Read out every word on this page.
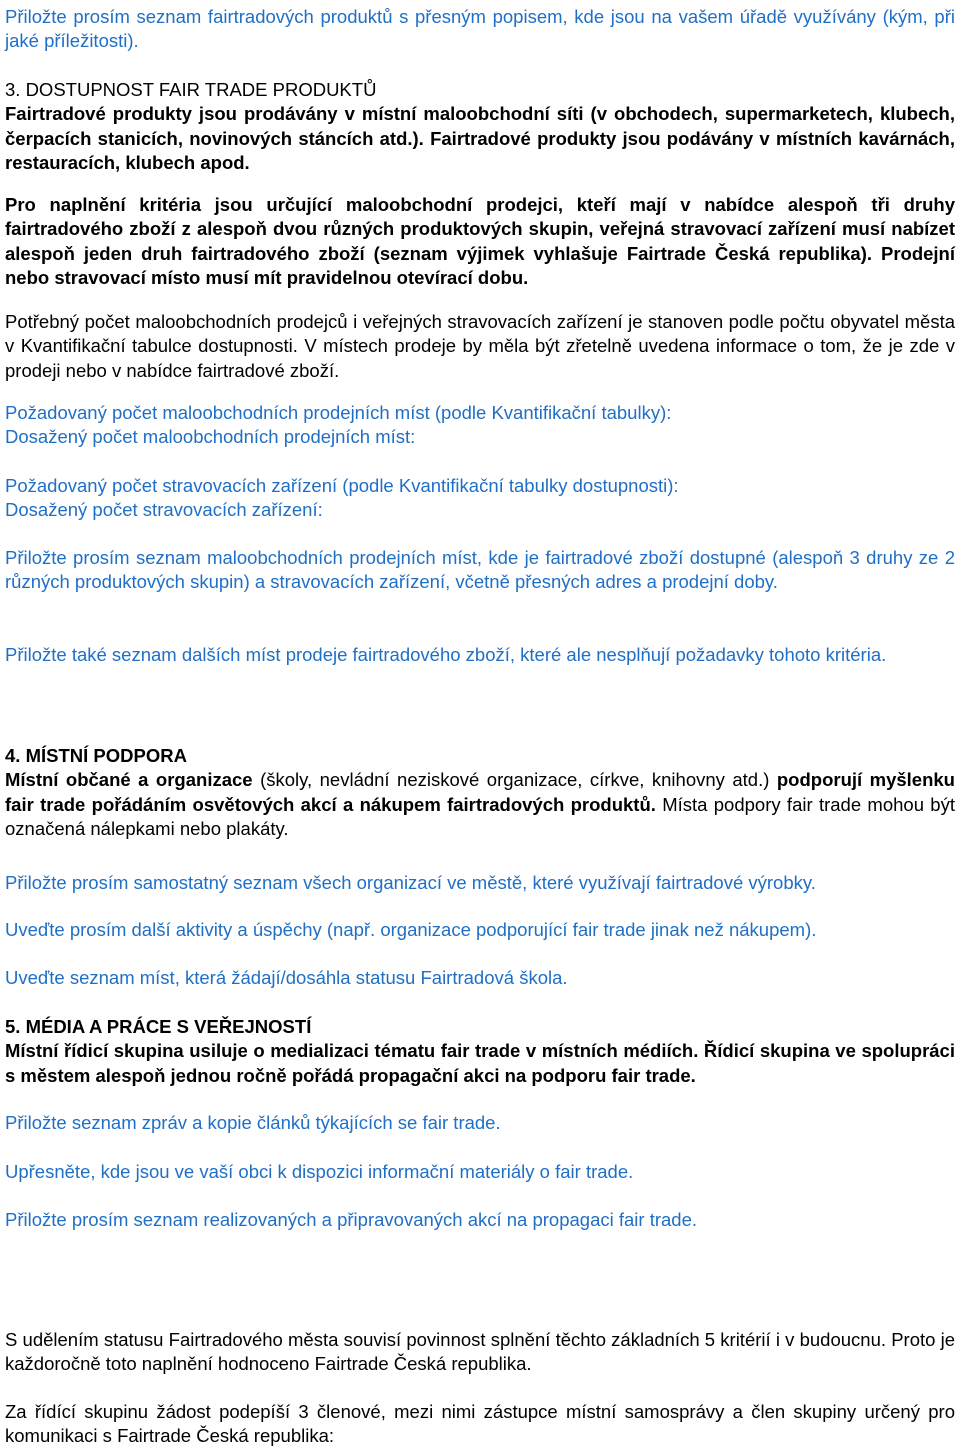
Přiložte prosím seznam fairtradových produktů s přesným popisem, kde jsou na vašem úřadě využívány (kým, při jaké příležitosti).

3. DOSTUPNOST FAIR TRADE PRODUKTŮ
Fairtradové produkty jsou prodávány v místní maloobchodní síti (v obchodech, supermarketech, klubech, čerpacích stanicích, novinových stáncích atd.). Fairtradové produkty jsou podávány v místních kavárnách, restauracích, klubech apod.

Pro naplnění kritéria jsou určující maloobchodní prodejci, kteří mají v nabídce alespoň tři druhy fairtradového zboží z alespoň dvou různých produktových skupin, veřejná stravovací zařízení musí nabízet alespoň jeden druh fairtradového zboží (seznam výjimek vyhlašuje Fairtrade Česká republika). Prodejní nebo stravovací místo musí mít pravidelnou otevírací dobu.

Potřebný počet maloobchodních prodejců i veřejných stravovacích zařízení je stanoven podle počtu obyvatel města v Kvantifikační tabulce dostupnosti. V místech prodeje by měla být zřetelně uvedena informace o tom, že je zde v prodeji nebo v nabídce fairtradové zboží.

Požadovaný počet maloobchodních prodejních míst (podle Kvantifikační tabulky):
Dosažený počet maloobchodních prodejních míst:
Požadovaný počet stravovacích zařízení (podle Kvantifikační tabulky dostupnosti):
Dosažený počet stravovacích zařízení:

Přiložte prosím seznam maloobchodních prodejních míst, kde je fairtradové zboží dostupné (alespoň 3 druhy ze 2 různých produktových skupin) a stravovacích zařízení, včetně přesných adres a prodejní doby.

Přiložte také seznam dalších míst prodeje fairtradového zboží, které ale nesplňují požadavky tohoto kritéria.

4. MÍSTNÍ PODPORA
Místní občané a organizace (školy, nevládní neziskové organizace, církve, knihovny atd.) podporují myšlenku fair trade pořádáním osvětových akcí a nákupem fairtradových produktů. Místa podpory fair trade mohou být označená nálepkami nebo plakáty.

Přiložte prosím samostatný seznam všech organizací ve městě, které využívají fairtradové výrobky.

Uveďte prosím další aktivity a úspěchy (např. organizace podporující fair trade jinak než nákupem).

Uveďte seznam míst, která žádají/dosáhla statusu Fairtradová škola.

5. MÉDIA A PRÁCE S VEŘEJNOSTÍ
Místní řídicí skupina usiluje o medializaci tématu fair trade v místních médiích. Řídicí skupina ve spolupráci s městem alespoň jednou ročně pořádá propagační akci na podporu fair trade.

Přiložte seznam zpráv a kopie článků týkajících se fair trade.

Upřesněte, kde jsou ve vaší obci k dispozici informační materiály o fair trade.

Přiložte prosím seznam realizovaných a připravovaných akcí na propagaci fair trade.

S udělením statusu Fairtradového města souvisí povinnost splnění těchto základních 5 kritérií i v budoucnu. Proto je každoročně toto naplnění hodnoceno Fairtrade Česká republika.

Za řídící skupinu žádost podepíší 3 členové, mezi nimi zástupce místní samosprávy a člen skupiny určený pro komunikaci s Fairtrade Česká republika:
